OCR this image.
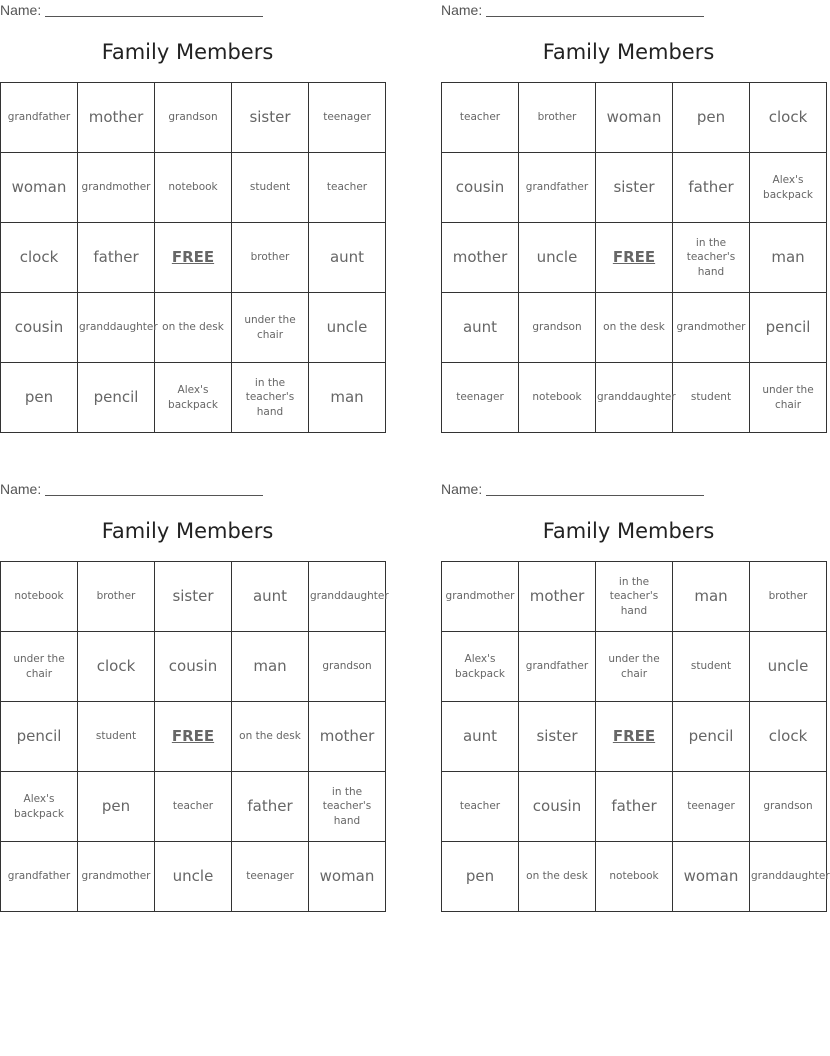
Name:
Family Members
grandfather	mother	grandson	sister	teenager
woman	grandmother	notebook	student	teacher
clock	father	FREE	brother	aunt
cousin	granddaughter	on the desk	under the chair	uncle
pen	pencil	Alex's backpack	in the teacher's hand	man
Name:
Family Members
teacher	brother	woman	pen	clock
cousin	grandfather	sister	father	Alex's backpack
mother	uncle	FREE	in the teacher's hand	man
aunt	grandson	on the desk	grandmother	pencil
teenager	notebook	granddaughter	student	under the chair
Name:
Family Members
notebook	brother	sister	aunt	granddaughter
under the chair	clock	cousin	man	grandson
pencil	student	FREE	on the desk	mother
Alex's backpack	pen	teacher	father	in the teacher's hand
grandfather	grandmother	uncle	teenager	woman
Name:
Family Members
grandmother	mother	in the teacher's hand	man	brother
Alex's backpack	grandfather	under the chair	student	uncle
aunt	sister	FREE	pencil	clock
teacher	cousin	father	teenager	grandson
pen	on the desk	notebook	woman	granddaughter
